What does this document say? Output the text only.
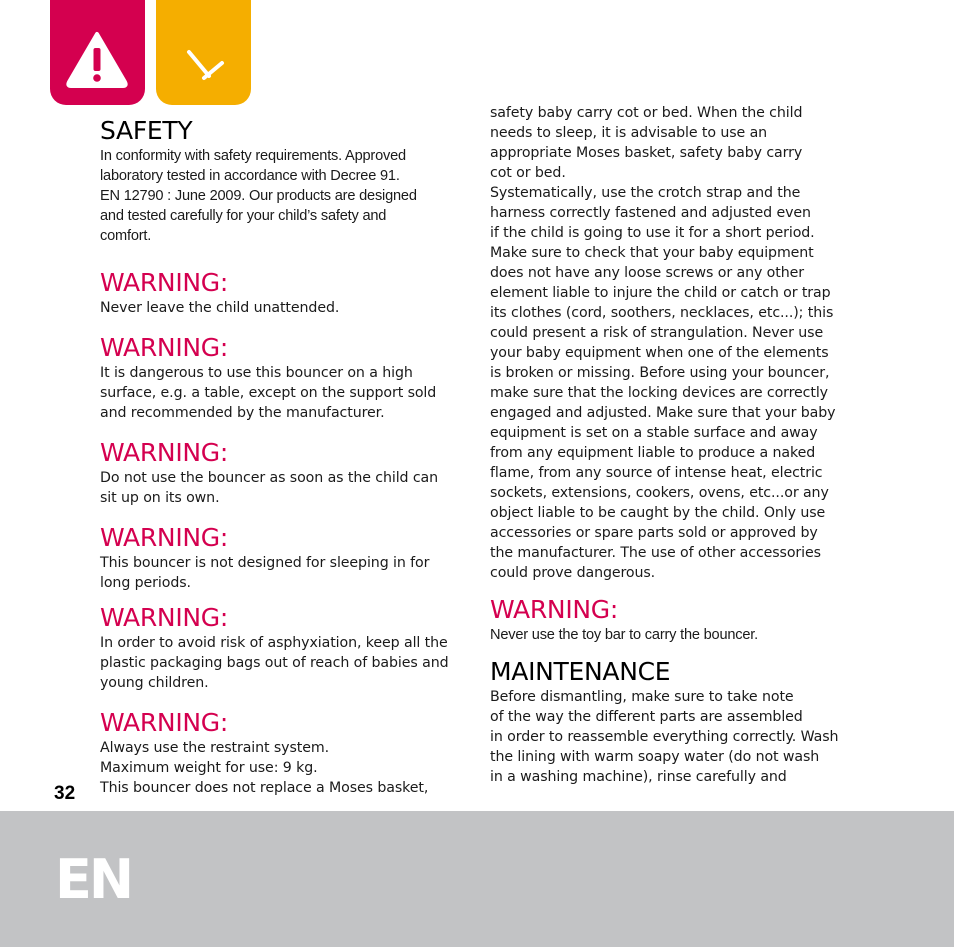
SAFETY
In conformity with safety requirements. Approved
laboratory tested in accordance with Decree 91.
EN 12790 : June 2009. Our products are designed
and tested carefully for your child’s safety and
comfort.
WARNING:
Never leave the child unattended.
WARNING:
It is dangerous to use this bouncer on a high
surface, e.g. a table, except on the support sold
and recommended by the manufacturer.
WARNING:
Do not use the bouncer as soon as the child can
sit up on its own.
WARNING:
This bouncer is not designed for sleeping in for
long periods.
WARNING:
In order to avoid risk of asphyxiation, keep all the
plastic packaging bags out of reach of babies and
young children.
WARNING:
Always use the restraint system.
Maximum weight for use: 9 kg.
This bouncer does not replace a Moses basket,
safety baby carry cot or bed. When the child
needs to sleep, it is advisable to use an
appropriate Moses basket, safety baby carry
cot or bed.
Systematically, use the crotch strap and the
harness correctly fastened and adjusted even
if the child is going to use it for a short period.
Make sure to check that your baby equipment
does not have any loose screws or any other
element liable to injure the child or catch or trap
its clothes (cord, soothers, necklaces, etc...); this
could present a risk of strangulation. Never use
your baby equipment when one of the elements
is broken or missing. Before using your bouncer,
make sure that the locking devices are correctly
engaged and adjusted. Make sure that your baby
equipment is set on a stable surface and away
from any equipment liable to produce a naked
flame, from any source of intense heat, electric
sockets, extensions, cookers, ovens, etc...or any
object liable to be caught by the child. Only use
accessories or spare parts sold or approved by
the manufacturer. The use of other accessories
could prove dangerous.
WARNING:
Never use the toy bar to carry the bouncer.
MAINTENANCE
Before dismantling, make sure to take note
of the way the different parts are assembled
in order to reassemble everything correctly. Wash
the lining with warm soapy water (do not wash
in a washing machine), rinse carefully and
32
EN
